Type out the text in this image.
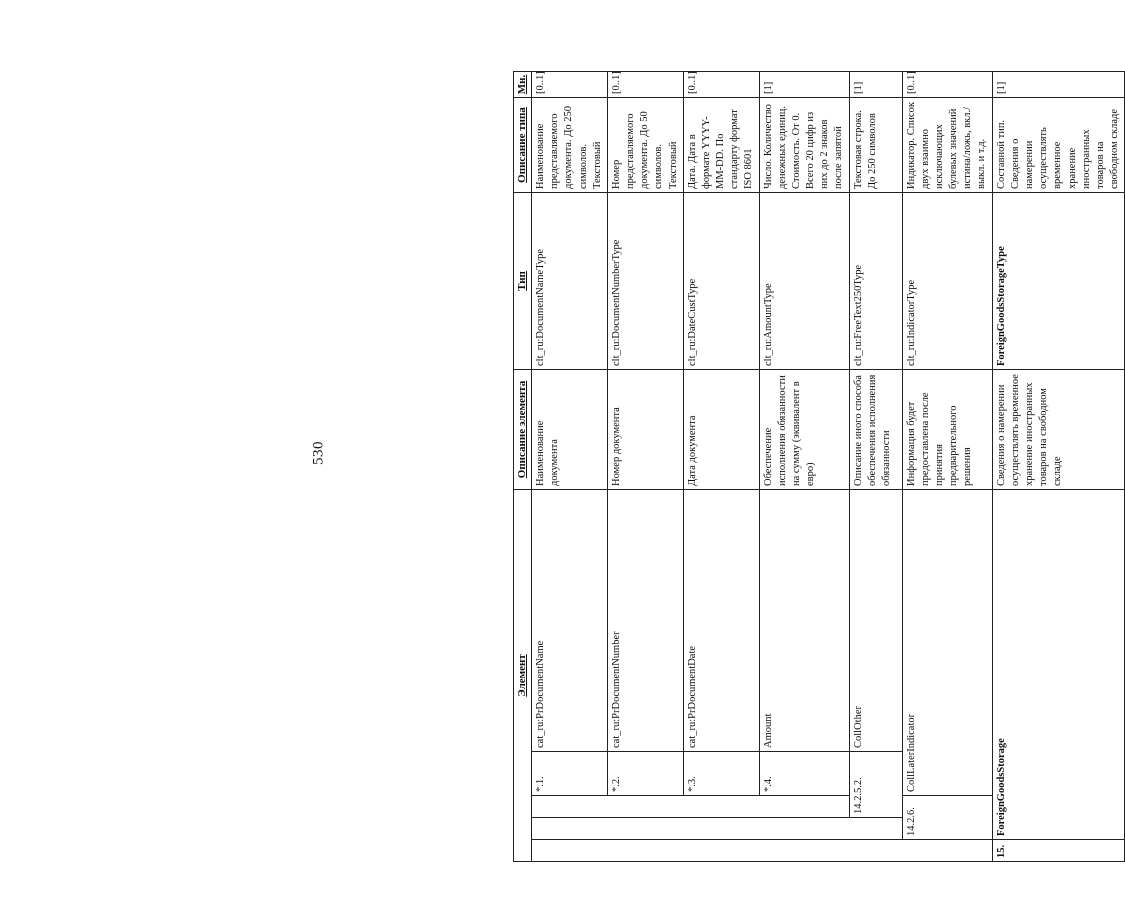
530
Элемент					Описание элемента	Тип	Описание типа	Мн.
			*.1.	cat_ru:PrDocumentName	Наименование документа	clt_ru:DocumentNameType	Наименование представляемого документа. До 250 символов. Текстовый	[0..1]
			*.2.	cat_ru:PrDocumentNumber	Номер документа	clt_ru:DocumentNumberType	Номер представляемого документа. До 50 символов. Текстовый	[0..1]
			*.3.	cat_ru:PrDocumentDate	Дата документа	clt_ru:DateCustType	Дата. Дата в формате YYYY-MM-DD. По стандарту формат ISO 8601	[0..1]
			*.4.	Amount	Обеспечение исполнения обязанности на сумму (эквивалент в евро)	clt_ru:AmountType	Число. Количество денежных единиц. Стоимость. От 0. Всего 20 цифр из них до 2 знаков после запятой	[1]
		14.2.5.2.		CollOther	Описание иного способа обеспечения исполнения обязанности	clt_ru:FreeText250Type	Текстовая строка. До 250 символов	[1]
	14.2.6.		CollLaterIndicator		Информация будет предоставлена после принятия предварительного решения	clt_ru:IndicatorType	Индикатор. Список двух взаимно исключающих булевых значений истина/ложь, вкл./выкл. и т.д.	[0..1]
15.	ForeignGoodsStorage				Сведения о намерении осуществлять временное хранение иностранных товаров на свободном складе	ForeignGoodsStorageType	Составной тип. Сведения о намерении осуществлять временное хранение иностранных товаров на свободном складе	[1]
